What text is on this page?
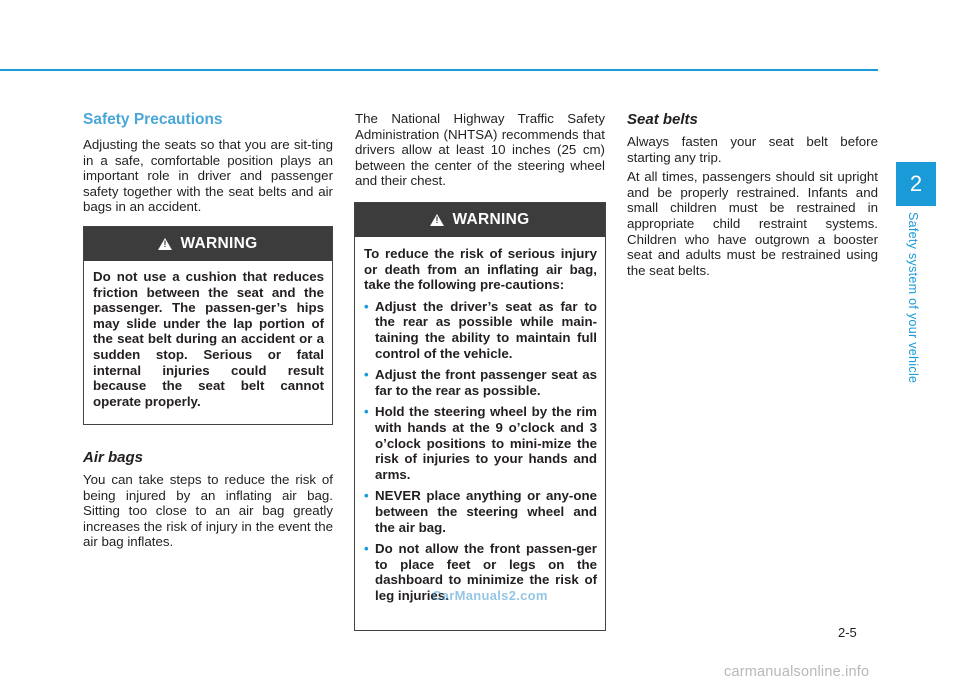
2
Safety system of your vehicle
Safety Precautions

Adjusting the seats so that you are sit-ting in a safe, comfortable position plays an important role in driver and passenger safety together with the seat belts and air bags in an accident.

!
WARNING

Do not use a cushion that reduces friction between the seat and the passenger. The passen-ger’s hips may slide under the lap portion of the seat belt during an accident or a sudden stop. Serious or fatal internal injuries could result because the seat belt cannot operate properly.

Air bags

You can take steps to reduce the risk of being injured by an inflating air bag. Sitting too close to an air bag greatly increases the risk of injury in the event the air bag inflates.

The National Highway Traffic Safety Administration (NHTSA) recommends that drivers allow at least 10 inches (25 cm) between the center of the steering wheel and their chest.

!
WARNING

To reduce the risk of serious injury or death from an inflating air bag, take the following pre-cautions:

• Adjust the driver’s seat as far to the rear as possible while main-taining the ability to maintain full control of the vehicle.
• Adjust the front passenger seat as far to the rear as possible.
• Hold the steering wheel by the rim with hands at the 9 o’clock and 3 o’clock positions to mini-mize the risk of injuries to your hands and arms.
• NEVER place anything or any-one between the steering wheel and the air bag.
• Do not allow the front passen-ger to place feet or legs on the dashboard to minimize the risk of leg injuries.
Seat belts

Always fasten your seat belt before starting any trip.

At all times, passengers should sit upright and be properly restrained. Infants and small children must be restrained in appropriate child restraint systems. Children who have outgrown a booster seat and adults must be restrained using the seat belts.

2-5
CarManuals2.com
carmanualsonline.info
